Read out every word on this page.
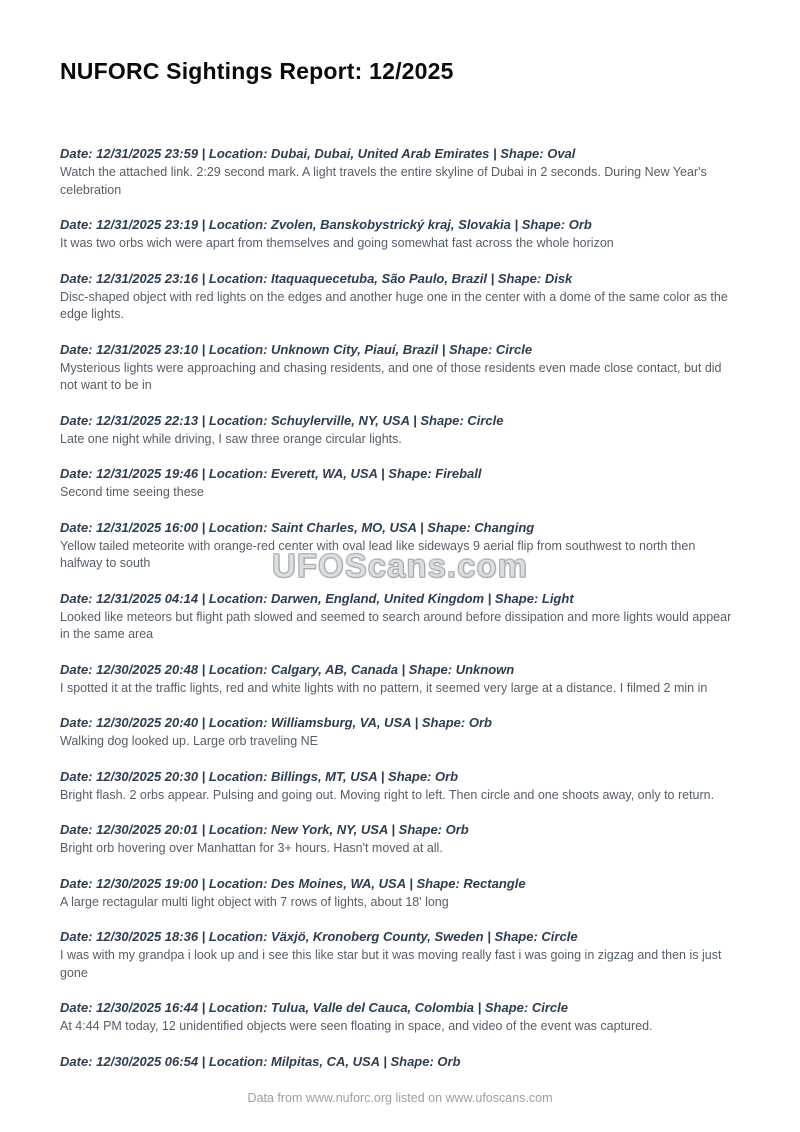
NUFORC Sightings Report: 12/2025
Date: 12/31/2025 23:59 | Location: Dubai, Dubai, United Arab Emirates | Shape: Oval
Watch the attached link. 2:29 second mark. A light travels the entire skyline of Dubai in 2 seconds. During New Year's celebration
Date: 12/31/2025 23:19 | Location: Zvolen, Banskobystrický kraj, Slovakia | Shape: Orb
It was two orbs wich were apart from themselves and going somewhat fast across the whole horizon
Date: 12/31/2025 23:16 | Location: Itaquaquecetuba, São Paulo, Brazil | Shape: Disk
Disc-shaped object with red lights on the edges and another huge one in the center with a dome of the same color as the edge lights.
Date: 12/31/2025 23:10 | Location: Unknown City, Piauí, Brazil | Shape: Circle
Mysterious lights were approaching and chasing residents, and one of those residents even made close contact, but did not want to be in
Date: 12/31/2025 22:13 | Location: Schuylerville, NY, USA | Shape: Circle
Late one night while driving, I saw three orange circular lights.
Date: 12/31/2025 19:46 | Location: Everett, WA, USA | Shape: Fireball
Second time seeing these
Date: 12/31/2025 16:00 | Location: Saint Charles, MO, USA | Shape: Changing
Yellow tailed meteorite with orange-red center with oval lead like sideways 9 aerial flip from southwest to north then halfway to south
Date: 12/31/2025 04:14 | Location: Darwen, England, United Kingdom | Shape: Light
Looked like meteors but flight path slowed and seemed to search around before dissipation and more lights would appear in the same area
Date: 12/30/2025 20:48 | Location: Calgary, AB, Canada | Shape: Unknown
I spotted it at the traffic lights, red and white lights with no pattern, it seemed very large at a distance. I filmed 2 min in
Date: 12/30/2025 20:40 | Location: Williamsburg, VA, USA | Shape: Orb
Walking dog looked up. Large orb traveling NE
Date: 12/30/2025 20:30 | Location: Billings, MT, USA | Shape: Orb
Bright flash. 2 orbs appear. Pulsing and going out. Moving right to left. Then circle and one shoots away, only to return.
Date: 12/30/2025 20:01 | Location: New York, NY, USA | Shape: Orb
Bright orb hovering over Manhattan for 3+ hours. Hasn't moved at all.
Date: 12/30/2025 19:00 | Location: Des Moines, WA, USA | Shape: Rectangle
A large rectagular multi light object with 7 rows of lights, about 18' long
Date: 12/30/2025 18:36 | Location: Växjö, Kronoberg County, Sweden | Shape: Circle
I was with my grandpa i look up and i see this like star but it was moving really fast i was going in zigzag and then is just gone
Date: 12/30/2025 16:44 | Location: Tulua, Valle del Cauca, Colombia | Shape: Circle
At 4:44 PM today, 12 unidentified objects were seen floating in space, and video of the event was captured.
Date: 12/30/2025 06:54 | Location: Milpitas, CA, USA | Shape: Orb
UFOScans.com
Data from www.nuforc.org listed on www.ufoscans.com
